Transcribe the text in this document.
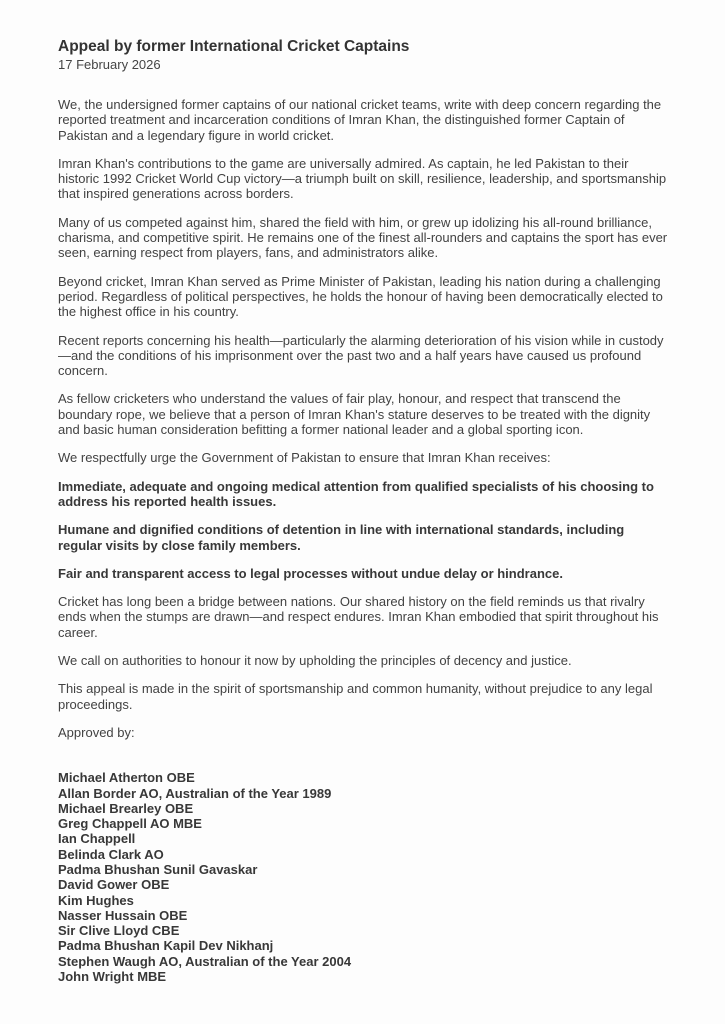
Appeal by former International Cricket Captains
17 February 2026

We, the undersigned former captains of our national cricket teams, write with deep concern regarding the reported treatment and incarceration conditions of Imran Khan, the distinguished former Captain of Pakistan and a legendary figure in world cricket.

Imran Khan's contributions to the game are universally admired. As captain, he led Pakistan to their historic 1992 Cricket World Cup victory—a triumph built on skill, resilience, leadership, and sportsmanship that inspired generations across borders.

Many of us competed against him, shared the field with him, or grew up idolizing his all-round brilliance, charisma, and competitive spirit. He remains one of the finest all-rounders and captains the sport has ever seen, earning respect from players, fans, and administrators alike.

Beyond cricket, Imran Khan served as Prime Minister of Pakistan, leading his nation during a challenging period. Regardless of political perspectives, he holds the honour of having been democratically elected to the highest office in his country.

Recent reports concerning his health—particularly the alarming deterioration of his vision while in custody—and the conditions of his imprisonment over the past two and a half years have caused us profound concern.

As fellow cricketers who understand the values of fair play, honour, and respect that transcend the boundary rope, we believe that a person of Imran Khan's stature deserves to be treated with the dignity and basic human consideration befitting a former national leader and a global sporting icon.

We respectfully urge the Government of Pakistan to ensure that Imran Khan receives:

Immediate, adequate and ongoing medical attention from qualified specialists of his choosing to address his reported health issues.

Humane and dignified conditions of detention in line with international standards, including regular visits by close family members.

Fair and transparent access to legal processes without undue delay or hindrance.

Cricket has long been a bridge between nations. Our shared history on the field reminds us that rivalry ends when the stumps are drawn—and respect endures. Imran Khan embodied that spirit throughout his career.

We call on authorities to honour it now by upholding the principles of decency and justice.

This appeal is made in the spirit of sportsmanship and common humanity, without prejudice to any legal proceedings.

Approved by:
Michael Atherton OBE
Allan Border AO, Australian of the Year 1989
Michael Brearley OBE
Greg Chappell AO MBE
Ian Chappell
Belinda Clark AO
Padma Bhushan Sunil Gavaskar
David Gower OBE
Kim Hughes
Nasser Hussain OBE
Sir Clive Lloyd CBE
Padma Bhushan Kapil Dev Nikhanj
Stephen Waugh AO, Australian of the Year 2004
John Wright MBE
